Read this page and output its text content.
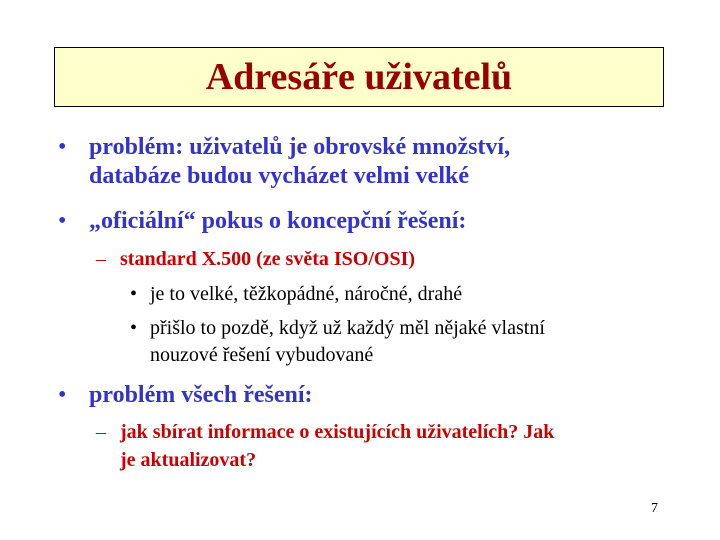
Adresáře uživatelů
• problém: uživatelů je obrovské množství,
databáze budou vycházet velmi velké
• „oficiální“ pokus o koncepční řešení:
– standard X.500 (ze světa ISO/OSI)
• je to velké, těžkopádné, náročné, drahé
• přišlo to pozdě, když už každý měl nějaké vlastní
nouzové řešení vybudované
• problém všech řešení:
– jak sbírat informace o existujících uživatelích? Jak
je aktualizovat?
7
